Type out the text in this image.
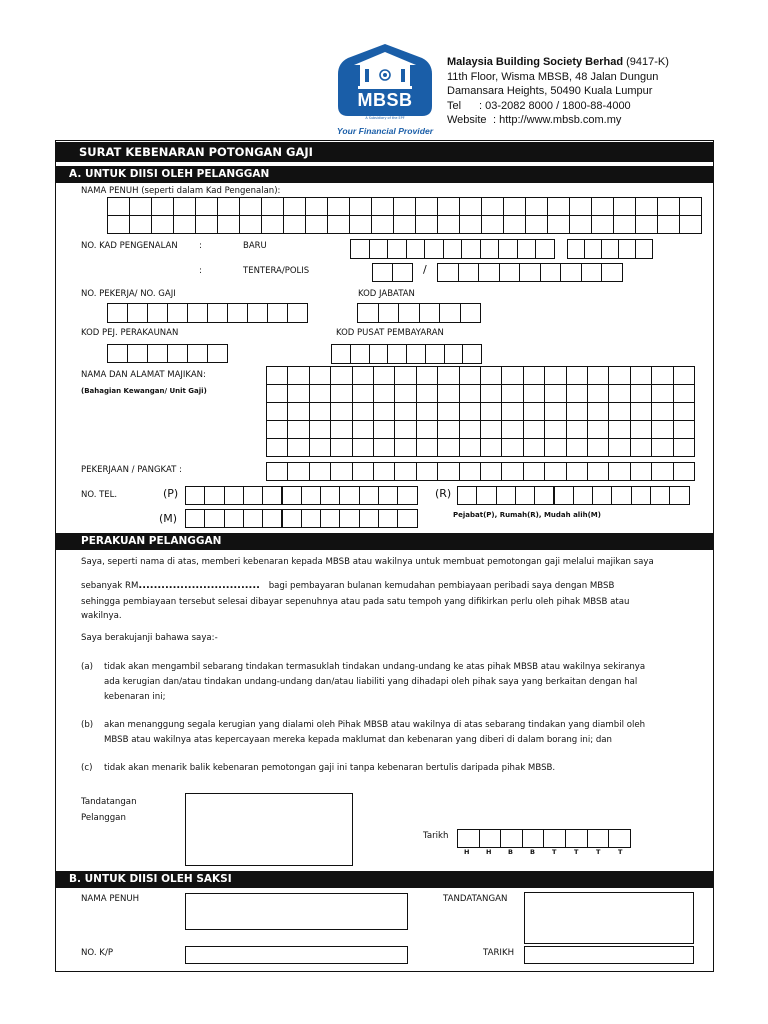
MBSB
MALAYSIA BUILDING SOCIETY BERHAD
A Subsidiary of the EPF
Your Financial Provider
Malaysia Building Society Berhad (9417-K)
11th Floor, Wisma MBSB, 48 Jalan Dungun
Damansara Heights, 50490 Kuala Lumpur
Tel : 03-2082 8000 / 1800-88-4000
Website : http://www.mbsb.com.my
SURAT KEBENARAN POTONGAN GAJI
A. UNTUK DIISI OLEH PELANGGAN
NAMA PENUH (seperti dalam Kad Pengenalan):
NO. KAD PENGENALAN	:	BARU
:	TENTERA/POLIS	/
NO. PEKERJA/ NO. GAJI	KOD JABATAN
KOD PEJ. PERAKAUNAN	KOD PUSAT PEMBAYARAN
NAMA DAN ALAMAT MAJIKAN:
(Bahagian Kewangan/ Unit Gaji)
PEKERJAAN / PANGKAT :
NO. TEL.	(P)	(R)
(M)	Pejabat(P), Rumah(R), Mudah alih(M)
PERAKUAN PELANGGAN
Saya, seperti nama di atas, memberi kebenaran kepada MBSB atau wakilnya untuk membuat pemotongan gaji melalui majikan saya
sebanyak RM................................ bagi pembayaran bulanan kemudahan pembiayaan peribadi saya dengan MBSB
sehingga pembiayaan tersebut selesai dibayar sepenuhnya atau pada satu tempoh yang difikirkan perlu oleh pihak MBSB atau
wakilnya.
Saya berakujanji bahawa saya:-
(a) tidak akan mengambil sebarang tindakan termasuklah tindakan undang-undang ke atas pihak MBSB atau wakilnya sekiranya
ada kerugian dan/atau tindakan undang-undang dan/atau liabiliti yang dihadapi oleh pihak saya yang berkaitan dengan hal
kebenaran ini;
(b) akan menanggung segala kerugian yang dialami oleh Pihak MBSB atau wakilnya di atas sebarang tindakan yang diambil oleh
MBSB atau wakilnya atas kepercayaan mereka kepada maklumat dan kebenaran yang diberi di dalam borang ini; dan
(c) tidak akan menarik balik kebenaran pemotongan gaji ini tanpa kebenaran bertulis daripada pihak MBSB.
Tandatangan
Pelanggan
Tarikh
H	H	B	B	T	T	T	T
B. UNTUK DIISI OLEH SAKSI
NAMA PENUH	TANDATANGAN
NO. K/P	TARIKH
